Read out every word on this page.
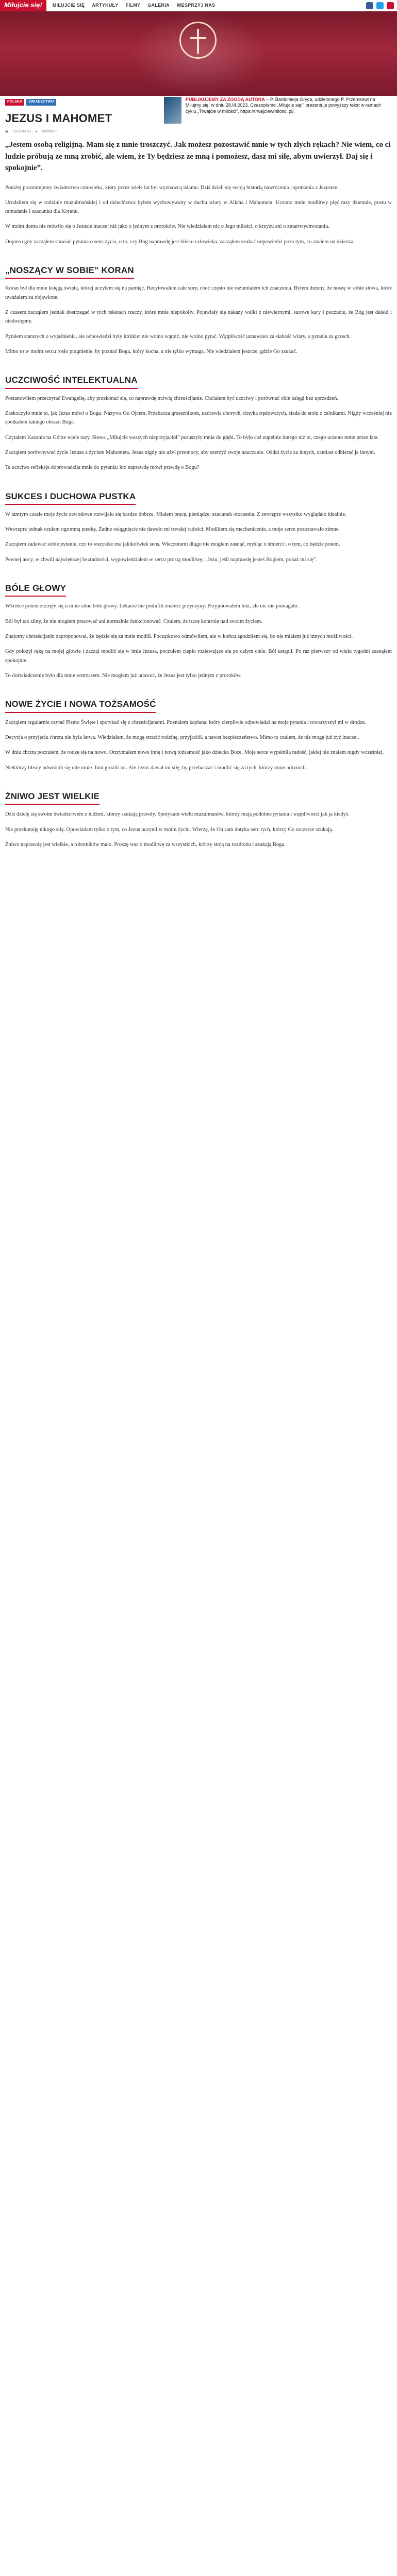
Miłujcie się!	MIŁUJCIE SIĘ ARTYKUŁY FILMY GALERIA WESPRZYJ NAS
POLSKA	ŚWIADECTWO
JEZUS I MAHOMET
▣ 2018-03-22 ● Archiwum
PUBLIKUJEMY ZA ZGODĄ AUTORA – P. Bartłomieja Gryca, udzielonego P. Przemkowi na Miłujmy się, w dniu 28.III.2023. Czasopismo „Miłujcie się!” prezentuje powyższy tekst w ramach cyklu „Trwajcie w miłości”, https://trwajciewmilosci.pl/.

„Jestem osobą religijną. Mam się z mnie troszczyć. Jak możesz pozostawić mnie w tych złych rękach? Nie wiem, co ci ludzie próbują ze mną zrobić, ale wiem, że Ty będziesz ze mną i pomożesz, dasz mi siłę, abym uwierzył. Daj się i spokojnie”.

Poniżej prezentujemy świadectwo człowieka, który przez wiele lat był wyznawcą islamu. Dziś dzieli się swoją historią nawrócenia i spotkania z Jezusem.

Urodziłem się w rodzinie muzułmańskiej i od dzieciństwa byłem wychowywany w duchu wiary w Allaha i Mahometa. Uczono mnie modlitwy pięć razy dziennie, postu w ramadanie i szacunku dla Koranu.

W moim domu nie mówiło się o Jezusie inaczej niż jako o jednym z proroków. Nie wiedziałem nic o Jego miłości, o krzyżu ani o zmartwychwstaniu.

Dopiero gdy zacząłem stawiać pytania o sens życia, o to, czy Bóg naprawdę jest blisko człowieka, zacząłem szukać odpowiedzi poza tym, co znałem od dziecka.

„NOSZĄCY W SOBIE” KORAN

Koran był dla mnie księgą świętą, której uczyłem się na pamięć. Recytowałem całe sury, choć często nie rozumiałem ich znaczenia. Byłem dumny, że noszę w sobie słowa, które uważałem za objawione.

Z czasem zacząłem jednak dostrzegać w tych tekstach rzeczy, które mnie niepokoiły. Pojawiały się nakazy walki z niewiernymi, surowe kary i poczucie, że Bóg jest daleki i niedostępny.

Pytałem starszych o wyjaśnienia, ale odpowiedzi były krótkie: nie wolno wątpić, nie wolno pytać. Wątpliwość uznawano za słabość wiary, a pytania za grzech.

Mimo to w moim sercu rosło pragnienie, by poznać Boga, który kocha, a nie tylko wymaga. Nie wiedziałem jeszcze, gdzie Go szukać.

UCZCIWOŚĆ INTELEKTUALNA

Postanowiłem przeczytać Ewangelię, aby przekonać się, co naprawdę mówią chrześcijanie. Chciałem być uczciwy i porównać obie księgi bez uprzedzeń.

Zaskoczyło mnie to, jak Jezus mówi o Bogu. Nazywa Go Ojcem. Przebacza grzesznikom, uzdrawia chorych, dotyka trędowatych, siada do stołu z celnikami. Nigdy wcześniej nie spotkałem takiego obrazu Boga.

Czytałem Kazanie na Górze wiele razy. Słowa „Miłujcie waszych nieprzyjaciół” poruszyły mnie do głębi. To było coś zupełnie innego niż to, czego uczono mnie przez lata.

Zacząłem porównywać życie Jezusa z życiem Mahometa. Jezus nigdy nie użył przemocy, aby szerzyć swoje nauczanie. Oddał życie za innych, zamiast odbierać je innym.

Ta uczciwa refleksja doprowadziła mnie do pytania: kto naprawdę mówi prawdę o Bogu?

SUKCES I DUCHOWA PUSTKA

W tamtym czasie moje życie zawodowe rozwijało się bardzo dobrze. Miałem pracę, pieniądze, szacunek otoczenia. Z zewnątrz wszystko wyglądało idealnie.

Wewnątrz jednak czułem ogromną pustkę. Żadne osiągnięcie nie dawało mi trwałej radości. Modliłem się mechanicznie, a moje serce pozostawało zimne.

Zacząłem zadawać sobie pytanie, czy to wszystko ma jakikolwiek sens. Wieczorami długo nie mogłem zasnąć, myśląc o śmierci i o tym, co będzie potem.

Pewnej nocy, w chwili największej bezradności, wypowiedziałem w sercu prostą modlitwę: „Jezu, jeśli naprawdę jesteś Bogiem, pokaż mi się”.

BÓLE GŁOWY

Wkrótce potem zaczęły się u mnie silne bóle głowy. Lekarze nie potrafili znaleźć przyczyny. Przyjmowałem leki, ale nic nie pomagało.

Ból był tak silny, że nie mogłem pracować ani normalnie funkcjonować. Czułem, że tracę kontrolę nad swoim życiem.

Znajomy chrześcijanin zaproponował, że będzie się za mnie modlił. Początkowo odmówiłem, ale w końcu zgodziłem się, bo nie miałem już innych możliwości.

Gdy położył rękę na mojej głowie i zaczął modlić się w imię Jezusa, poczułem ciepło rozlewające się po całym ciele. Ból ustąpił. Po raz pierwszy od wielu tygodni zasnąłem spokojnie.

To doświadczenie było dla mnie wstrząsem. Nie mogłem już udawać, że Jezus jest tylko jednym z proroków.

NOWE ŻYCIE I NOWA TOŻSAMOŚĆ

Zacząłem regularnie czytać Pismo Święte i spotykać się z chrześcijanami. Poznałem kapłana, który cierpliwie odpowiadał na moje pytania i towarzyszył mi w drodze.

Decyzja o przyjęciu chrztu nie była łatwa. Wiedziałem, że mogę stracić rodzinę, przyjaciół, a nawet bezpieczeństwo. Mimo to czułem, że nie mogę już żyć inaczej.

W dniu chrztu poczułem, że rodzę się na nowo. Otrzymałem nowe imię i nową tożsamość jako dziecko Boże. Moje serce wypełniła radość, jakiej nie znałem nigdy wcześniej.

Niektórzy bliscy odwrócili się ode mnie. Inni grozili mi. Ale Jezus dawał mi siłę, by przebaczać i modlić się za tych, którzy mnie odrzucili.

ŻNIWO JEST WIELKIE

Dziś dzielę się swoim świadectwem z ludźmi, którzy szukają prawdy. Spotykam wielu muzułmanów, którzy mają podobne pytania i wątpliwości jak ja kiedyś.

Nie przekonuję nikogo siłą. Opowiadam tylko o tym, co Jezus uczynił w moim życiu. Wierzę, że On sam dotyka serc tych, którzy Go szczerze szukają.

Żniwo naprawdę jest wielkie, a robotników mało. Proszę was o modlitwę za wszystkich, którzy stoją na rozdrożu i szukają Boga.
